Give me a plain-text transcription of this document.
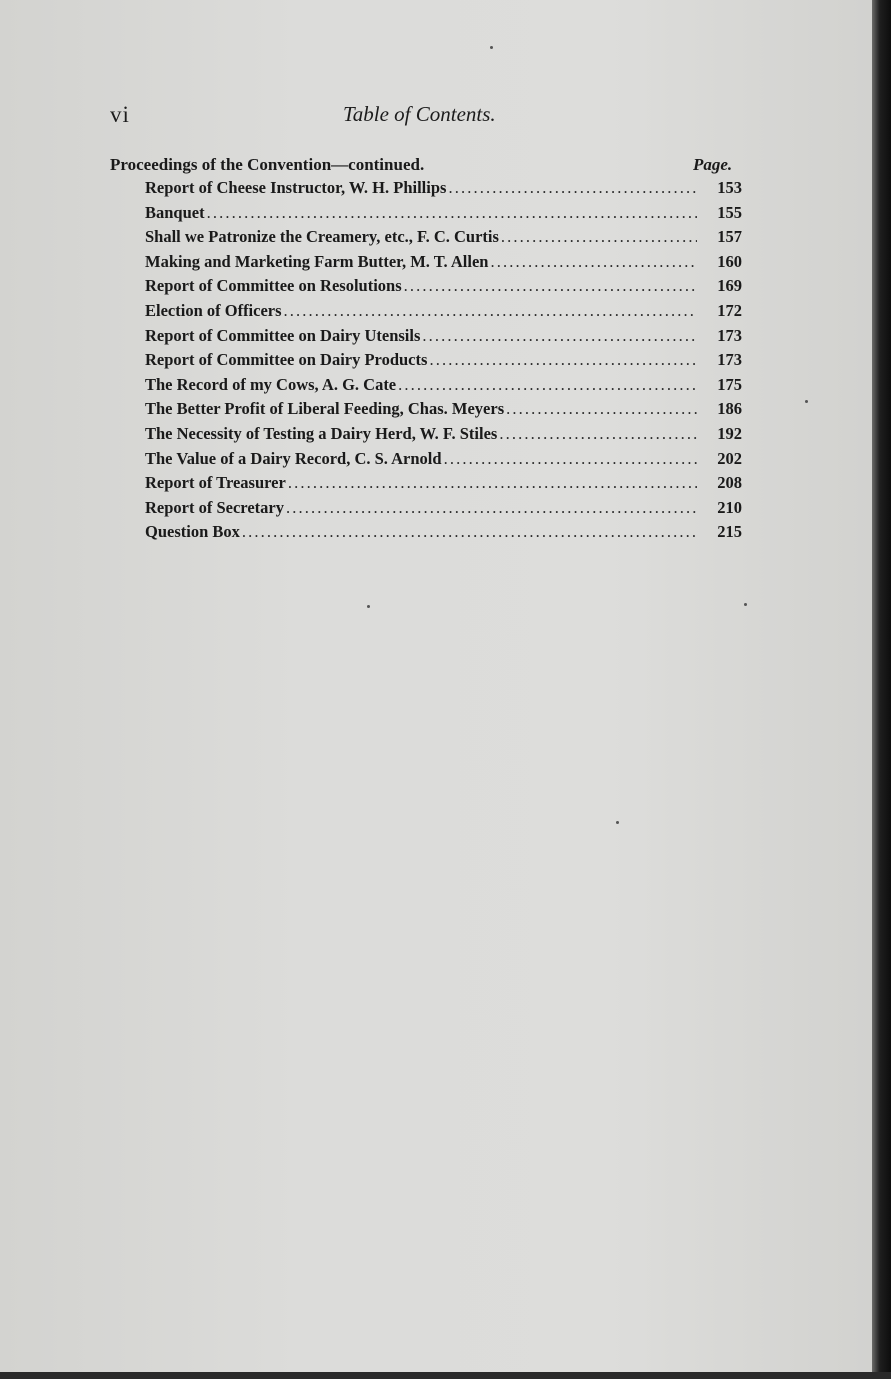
vi	Table of Contents.
Proceedings of the Convention—continued.	Page.
Report of Cheese Instructor, W. H. Phillips . . .	153
Banquet . . .	155
Shall we Patronize the Creamery, etc., F. C. Curtis . . .	157
Making and Marketing Farm Butter, M. T. Allen . . .	160
Report of Committee on Resolutions . . .	169
Election of Officers . . .	172
Report of Committee on Dairy Utensils . . .	173
Report of Committee on Dairy Products . . .	173
The Record of my Cows, A. G. Cate . . .	175
The Better Profit of Liberal Feeding, Chas. Meyers . . .	186
The Necessity of Testing a Dairy Herd, W. F. Stiles . . .	192
The Value of a Dairy Record, C. S. Arnold . . .	202
Report of Treasurer . . .	208
Report of Secretary . . .	210
Question Box . . .	215
